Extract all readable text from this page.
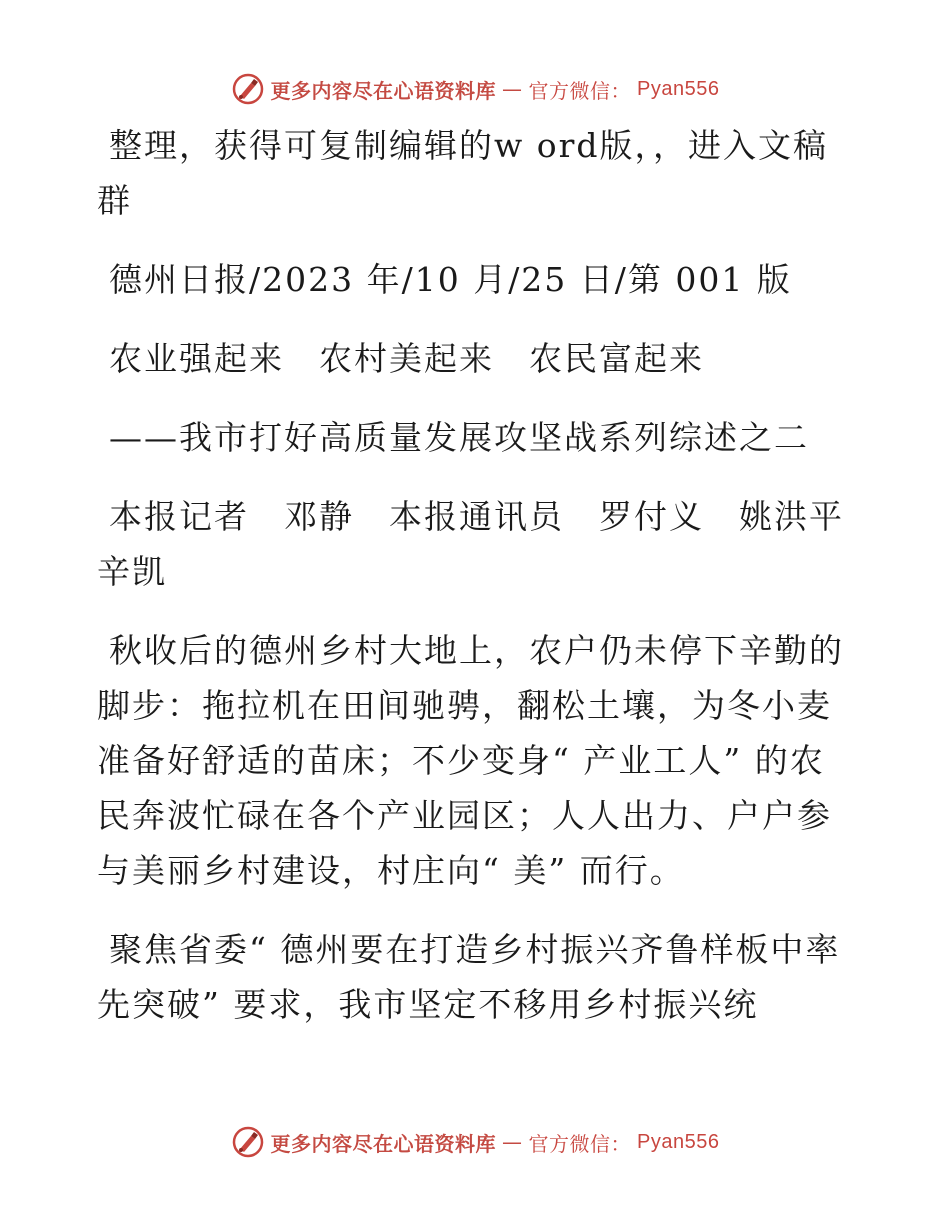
更多内容尽在心语资料库 — 官方微信： Pyan556

整理，获得可复制编辑的w ord版，，进入文稿群

德州日报/2023 年/10 月/25 日/第 001 版

农业强起来　农村美起来　农民富起来

——我市打好高质量发展攻坚战系列综述之二

本报记者　邓静　本报通讯员　罗付义　姚洪平　辛凯

秋收后的德州乡村大地上，农户仍未停下辛勤的脚步：拖拉机在田间驰骋，翻松土壤，为冬小麦准备好舒适的苗床；不少变身“ 产业工人” 的农民奔波忙碌在各个产业园区；人人出力、户户参与美丽乡村建设，村庄向“ 美” 而行。

聚焦省委“ 德州要在打造乡村振兴齐鲁样板中率先突破” 要求，我市坚定不移用乡村振兴统

更多内容尽在心语资料库 — 官方微信： Pyan556
